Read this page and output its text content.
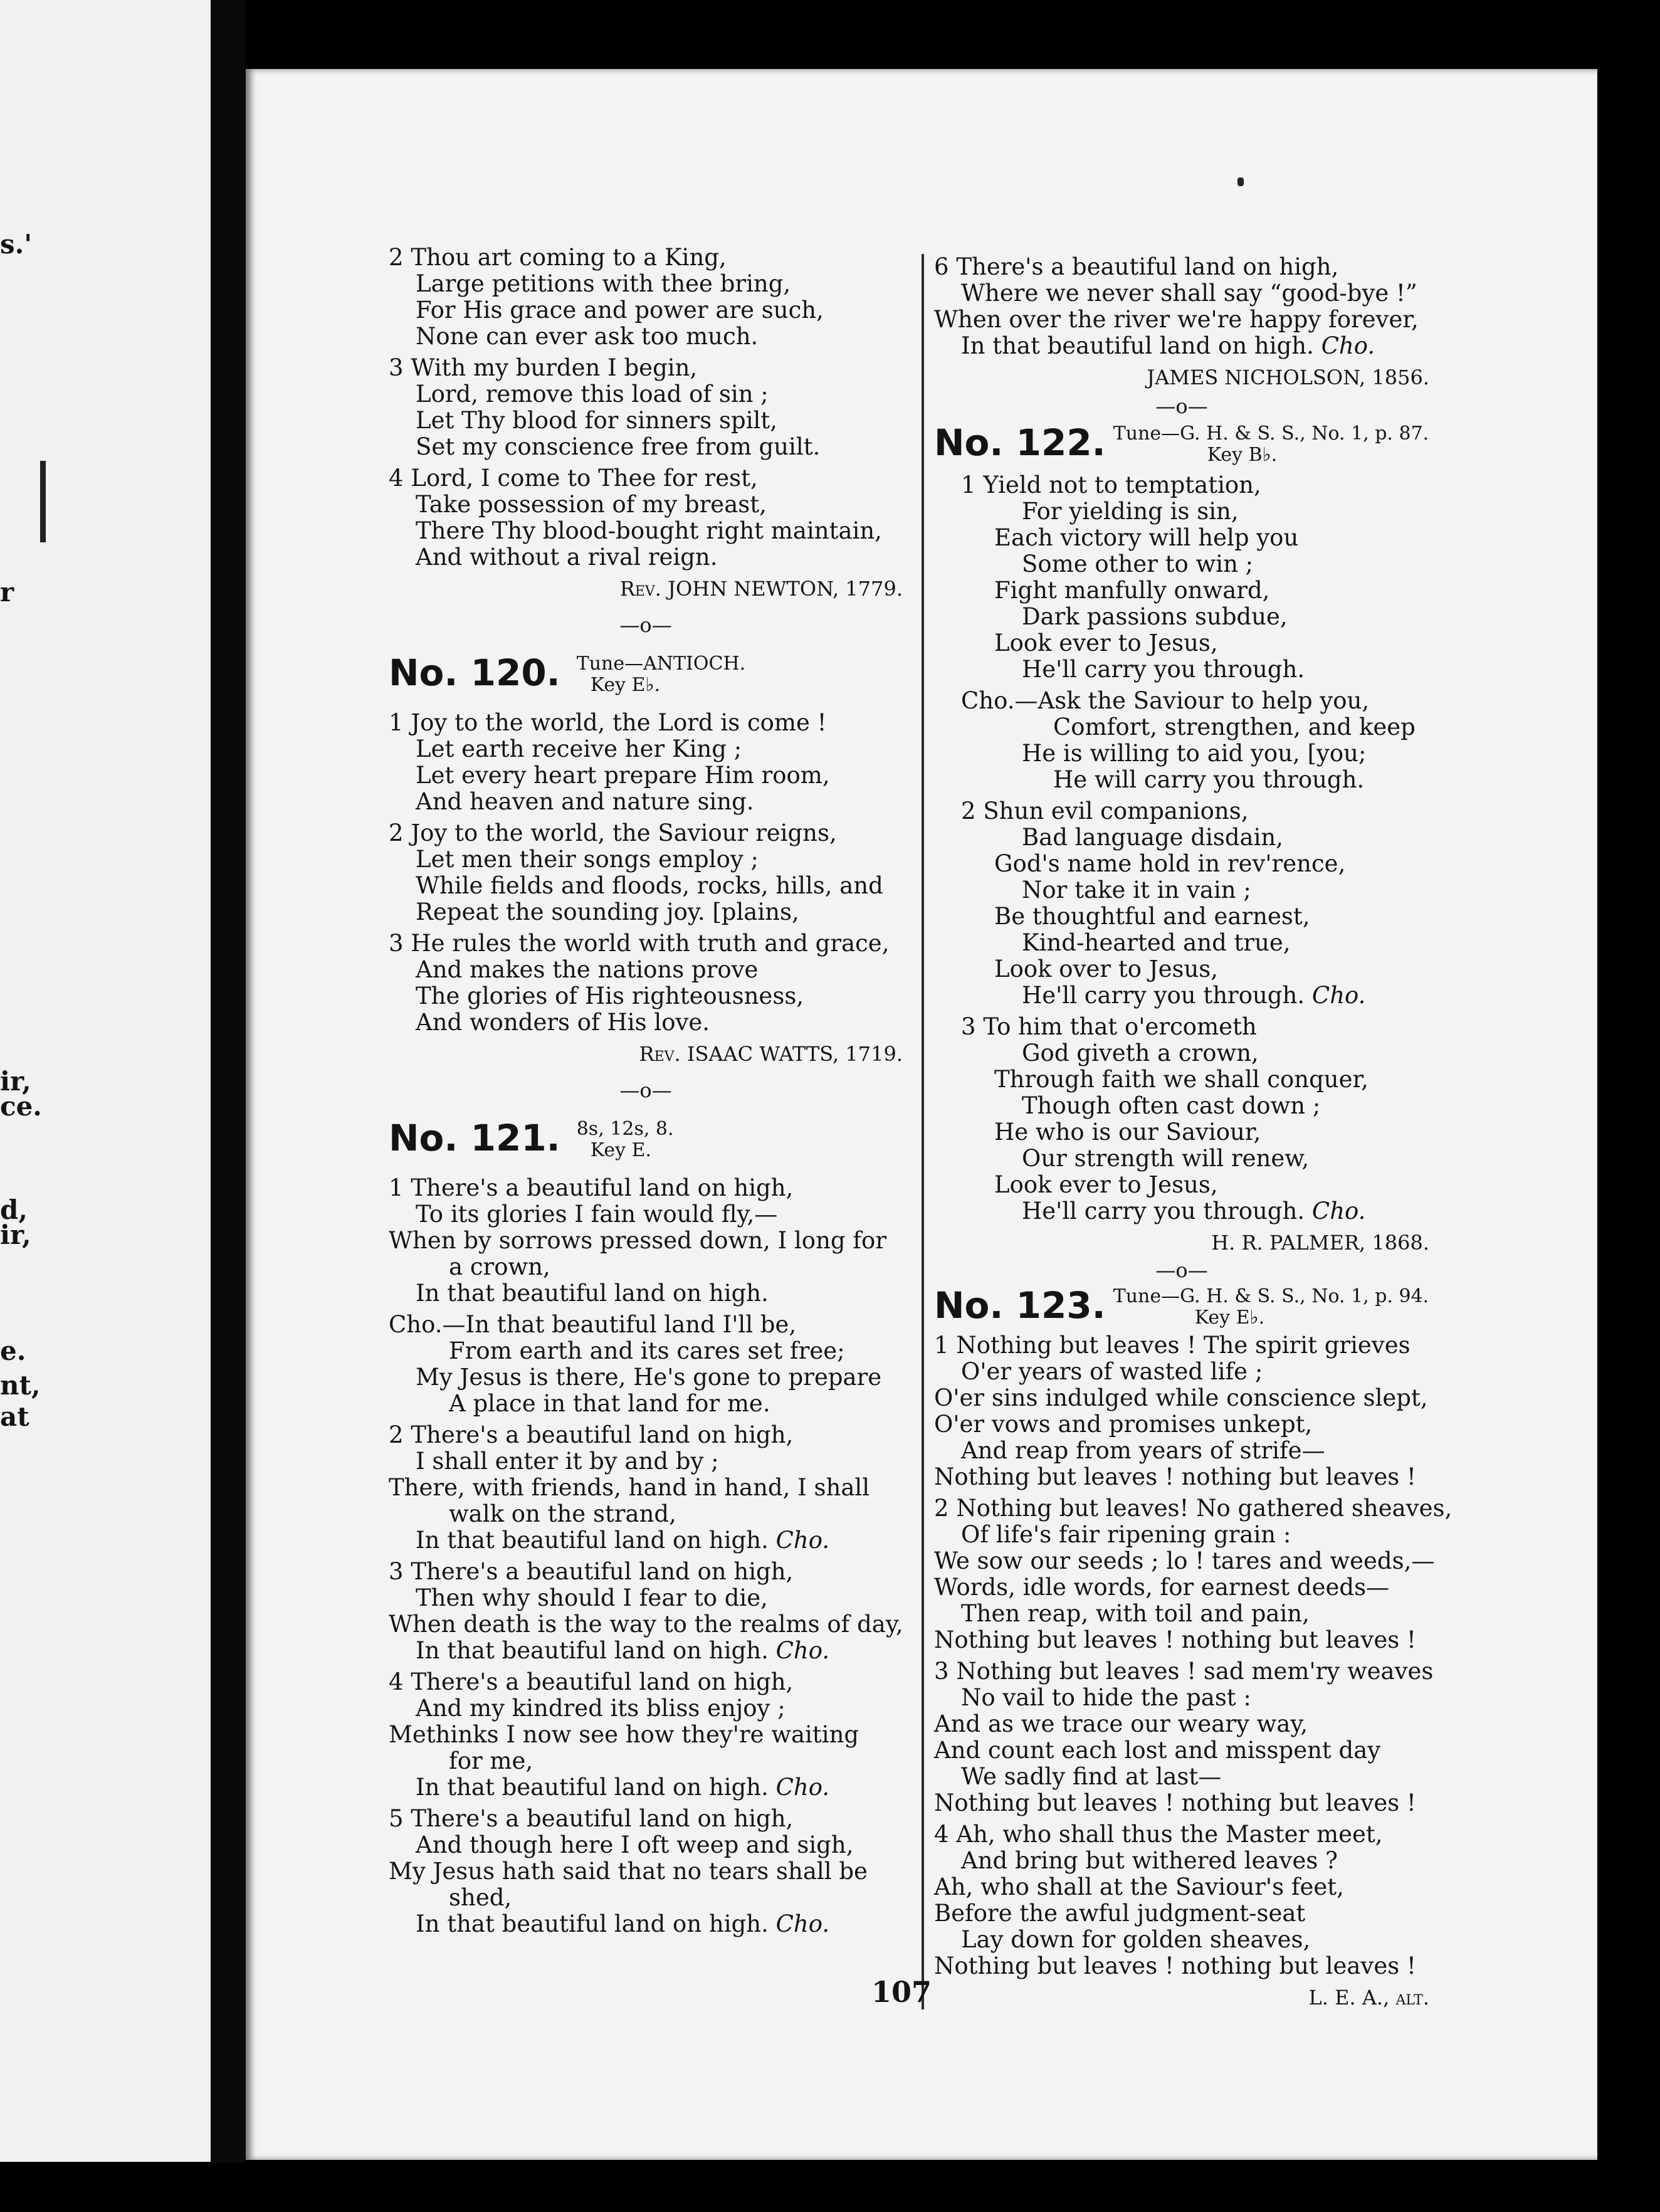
s.'
r
ir,
ce.
d,
ir,
e.
nt,
at
2 Thou art coming to a King,
Large petitions with thee bring,
For His grace and power are such,
None can ever ask too much.
3 With my burden I begin,
Lord, remove this load of sin ;
Let Thy blood for sinners spilt,
Set my conscience free from guilt.
4 Lord, I come to Thee for rest,
Take possession of my breast,
There Thy blood-bought right maintain,
And without a rival reign.
Rev. JOHN NEWTON, 1779.
—o—
No. 120. Tune—ANTIOCH.
Key E♭.
1 Joy to the world, the Lord is come !
Let earth receive her King ;
Let every heart prepare Him room,
And heaven and nature sing.
2 Joy to the world, the Saviour reigns,
Let men their songs employ ;
While fields and floods, rocks, hills, and
Repeat the sounding joy. [plains,
3 He rules the world with truth and grace,
And makes the nations prove
The glories of His righteousness,
And wonders of His love.
Rev. ISAAC WATTS, 1719.
—o—
No. 121. 8s, 12s, 8.
Key E.
1 There's a beautiful land on high,
To its glories I fain would fly,—
When by sorrows pressed down, I long for
a crown,
In that beautiful land on high.
Cho.—In that beautiful land I'll be,
From earth and its cares set free;
My Jesus is there, He's gone to prepare
A place in that land for me.
2 There's a beautiful land on high,
I shall enter it by and by ;
There, with friends, hand in hand, I shall
walk on the strand,
In that beautiful land on high. Cho.
3 There's a beautiful land on high,
Then why should I fear to die,
When death is the way to the realms of day,
In that beautiful land on high. Cho.
4 There's a beautiful land on high,
And my kindred its bliss enjoy ;
Methinks I now see how they're waiting
for me,
In that beautiful land on high. Cho.
5 There's a beautiful land on high,
And though here I oft weep and sigh,
My Jesus hath said that no tears shall be
shed,
In that beautiful land on high. Cho.
6 There's a beautiful land on high,
Where we never shall say “good-bye !”
When over the river we're happy forever,
In that beautiful land on high. Cho.
JAMES NICHOLSON, 1856.
—o—
No. 122. Tune—G. H. & S. S., No. 1, p. 87.
Key B♭.
1 Yield not to temptation,
For yielding is sin,
Each victory will help you
Some other to win ;
Fight manfully onward,
Dark passions subdue,
Look ever to Jesus,
He'll carry you through.
Cho.—Ask the Saviour to help you,
Comfort, strengthen, and keep
He is willing to aid you, [you;
He will carry you through.
2 Shun evil companions,
Bad language disdain,
God's name hold in rev'rence,
Nor take it in vain ;
Be thoughtful and earnest,
Kind-hearted and true,
Look over to Jesus,
He'll carry you through. Cho.
3 To him that o'ercometh
God giveth a crown,
Through faith we shall conquer,
Though often cast down ;
He who is our Saviour,
Our strength will renew,
Look ever to Jesus,
He'll carry you through. Cho.
H. R. PALMER, 1868.
—o—
No. 123. Tune—G. H. & S. S., No. 1, p. 94.
Key E♭.
1 Nothing but leaves ! The spirit grieves
O'er years of wasted life ;
O'er sins indulged while conscience slept,
O'er vows and promises unkept,
And reap from years of strife—
Nothing but leaves ! nothing but leaves !
2 Nothing but leaves! No gathered sheaves,
Of life's fair ripening grain :
We sow our seeds ; lo ! tares and weeds,—
Words, idle words, for earnest deeds—
Then reap, with toil and pain,
Nothing but leaves ! nothing but leaves !
3 Nothing but leaves ! sad mem'ry weaves
No vail to hide the past :
And as we trace our weary way,
And count each lost and misspent day
We sadly find at last—
Nothing but leaves ! nothing but leaves !
4 Ah, who shall thus the Master meet,
And bring but withered leaves ?
Ah, who shall at the Saviour's feet,
Before the awful judgment-seat
Lay down for golden sheaves,
Nothing but leaves ! nothing but leaves !
L. E. A., alt.
107
